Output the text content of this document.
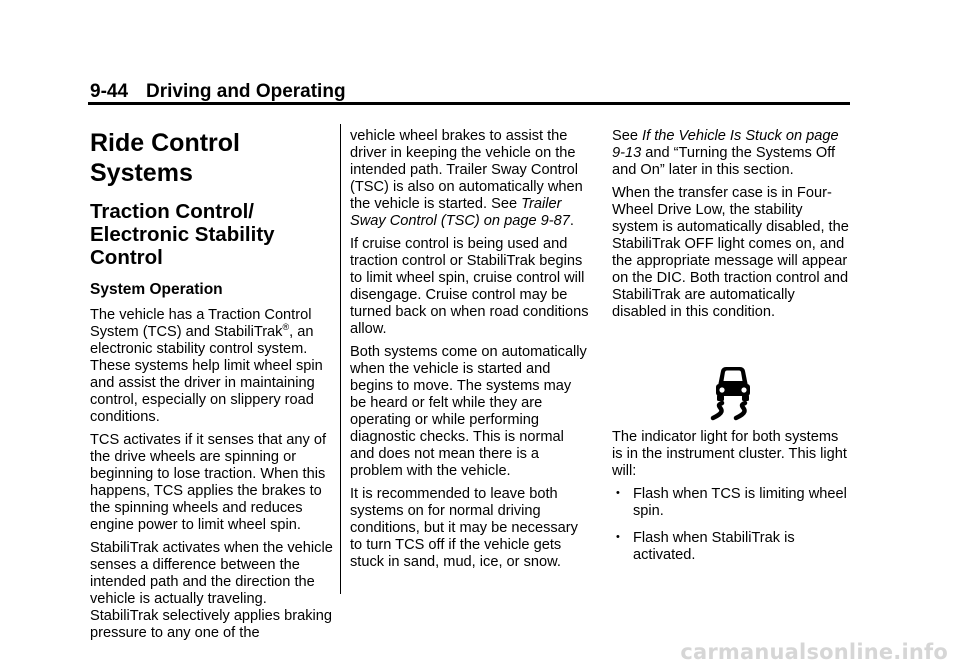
9-44 Driving and Operating
Ride Control Systems
Traction Control/
Electronic Stability
Control
System Operation

The vehicle has a Traction Control System (TCS) and StabiliTrak®, an electronic stability control system. These systems help limit wheel spin and assist the driver in maintaining control, especially on slippery road conditions.

TCS activates if it senses that any of the drive wheels are spinning or beginning to lose traction. When this happens, TCS applies the brakes to the spinning wheels and reduces engine power to limit wheel spin.

StabiliTrak activates when the vehicle senses a difference between the intended path and the direction the vehicle is actually traveling. StabiliTrak selectively applies braking pressure to any one of the

vehicle wheel brakes to assist the driver in keeping the vehicle on the intended path. Trailer Sway Control (TSC) is also on automatically when the vehicle is started. See Trailer Sway Control (TSC) on page 9-87.

If cruise control is being used and traction control or StabiliTrak begins to limit wheel spin, cruise control will disengage. Cruise control may be turned back on when road conditions allow.

Both systems come on automatically when the vehicle is started and begins to move. The systems may be heard or felt while they are operating or while performing diagnostic checks. This is normal and does not mean there is a problem with the vehicle.

It is recommended to leave both systems on for normal driving conditions, but it may be necessary to turn TCS off if the vehicle gets stuck in sand, mud, ice, or snow.

See If the Vehicle Is Stuck on page 9-13 and “Turning the Systems Off and On” later in this section.

When the transfer case is in Four-Wheel Drive Low, the stability system is automatically disabled, the StabiliTrak OFF light comes on, and the appropriate message will appear on the DIC. Both traction control and StabiliTrak are automatically disabled in this condition.

The indicator light for both systems is in the instrument cluster. This light will:

• Flash when TCS is limiting wheel spin.
• Flash when StabiliTrak is activated.
carmanualsonline.info
